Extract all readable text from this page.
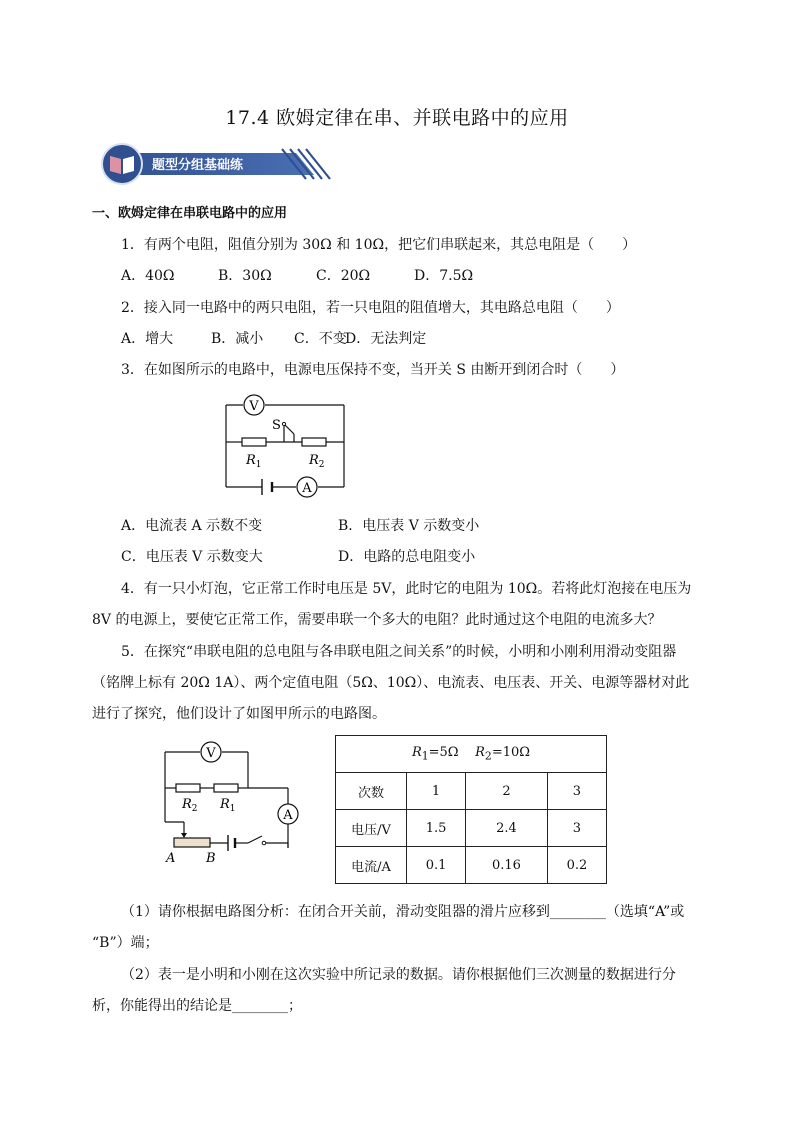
17.4 欧姆定律在串、并联电路中的应用
题型分组基础练
一、欧姆定律在串联电路中的应用
1．有两个电阻，阻值分别为 30Ω 和 10Ω，把它们串联起来，其总电阻是（　　）
A．40Ω	B．30Ω	C．20Ω	D．7.5Ω
2．接入同一电路中的两只电阻，若一只电阻的阻值增大，其电路总电阻（　　）
A．增大	B．减小 C．不变
D．无法判定
3．在如图所示的电路中，电源电压保持不变，当开关 S 由断开到闭合时（　　）
V
A
S
$R_1$	$R_2$
A．电流表 A 示数不变	B．电压表 V 示数变小
C．电压表 V 示数变大	D．电路的总电阻变小
4．有一只小灯泡，它正常工作时电压是 5V，此时它的电阻为 10Ω。若将此灯泡接在电压为
8V 的电源上，要使它正常工作，需要串联一个多大的电阻？此时通过这个电阻的电流多大？
5．在探究“串联电阻的总电阻与各串联电阻之间关系”的时候，小明和小刚利用滑动变阻器
（铭牌上标有 20Ω 1A）、两个定值电阻（5Ω、10Ω）、电流表、电压表、开关、电源等器材对此
进行了探究，他们设计了如图甲所示的电路图。
V
A
$R_2$ $R_1$
A B
$R_1=5\Omega$ $R_2=10\Omega$			
次数	1	2	3
电压/V	1.5	2.4	3
电流/A	0.1	0.16	0.2
（1）请你根据电路图分析：在闭合开关前，滑动变阻器的滑片应移到________（选填“A”或
“B”）端；
（2）表一是小明和小刚在这次实验中所记录的数据。请你根据他们三次测量的数据进行分
析，你能得出的结论是________；
